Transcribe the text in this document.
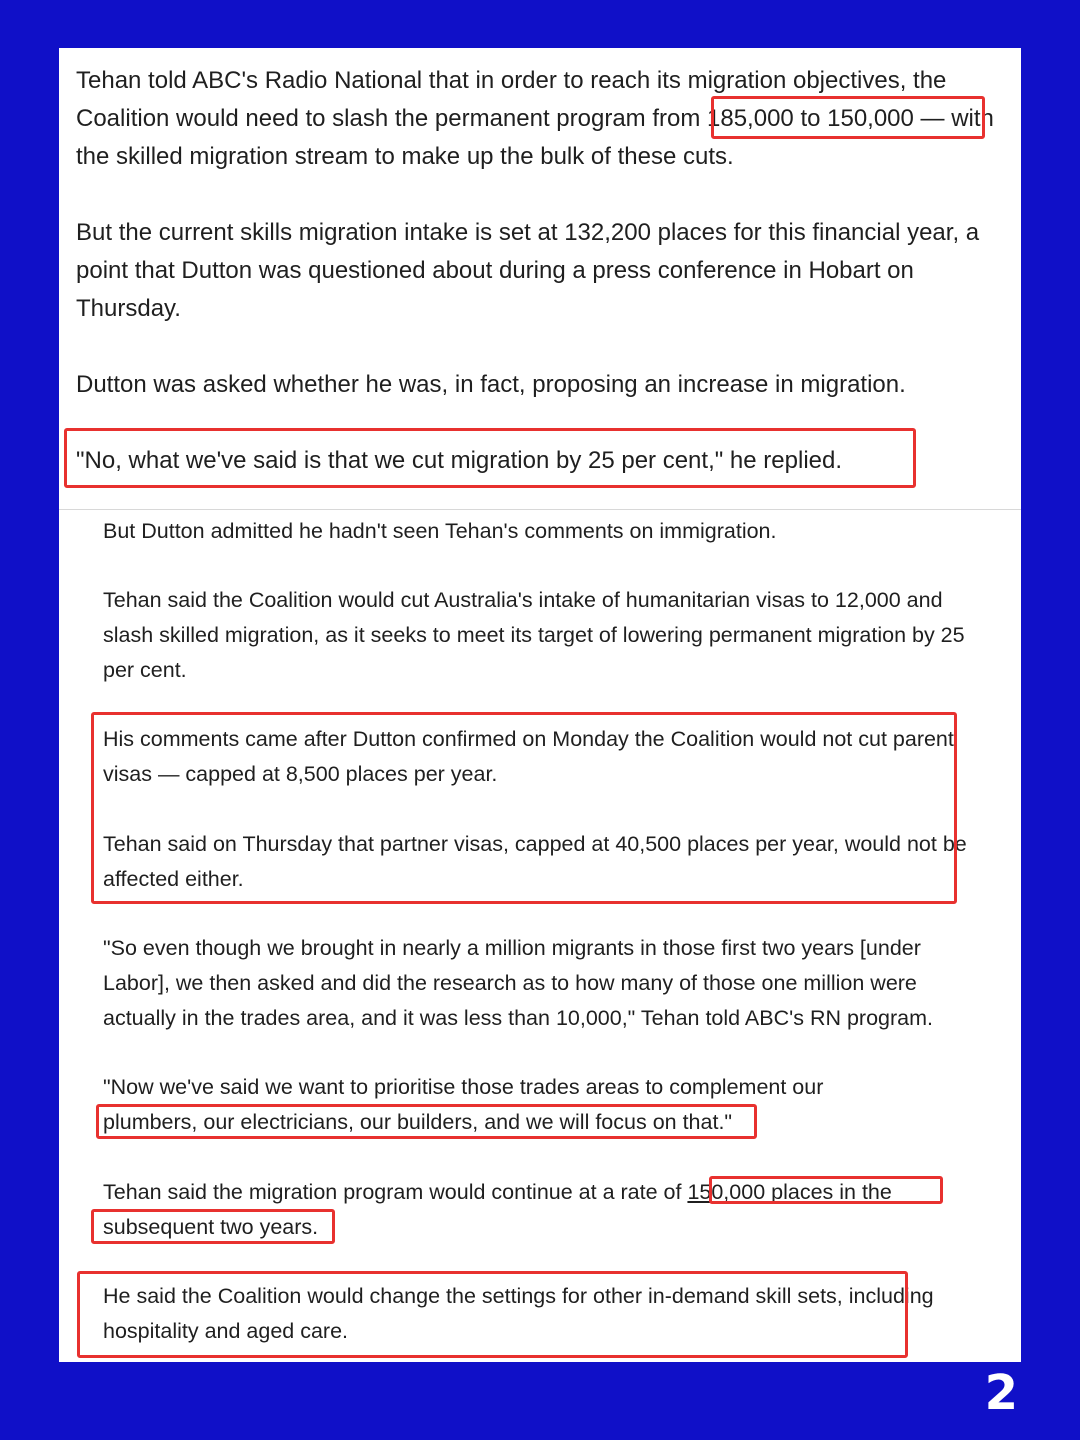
Tehan told ABC's Radio National that in order to reach its migration objectives, the Coalition would need to slash the permanent program from 185,000 to 150,000 — with the skilled migration stream to make up the bulk of these cuts.

But the current skills migration intake is set at 132,200 places for this financial year, a point that Dutton was questioned about during a press conference in Hobart on Thursday.

Dutton was asked whether he was, in fact, proposing an increase in migration.

"No, what we've said is that we cut migration by 25 per cent," he replied.

But Dutton admitted he hadn't seen Tehan's comments on immigration.

Tehan said the Coalition would cut Australia's intake of humanitarian visas to 12,000 and slash skilled migration, as it seeks to meet its target of lowering permanent migration by 25 per cent.

His comments came after Dutton confirmed on Monday the Coalition would not cut parent visas — capped at 8,500 places per year.

Tehan said on Thursday that partner visas, capped at 40,500 places per year, would not be affected either.

"So even though we brought in nearly a million migrants in those first two years [under Labor], we then asked and did the research as to how many of those one million were actually in the trades area, and it was less than 10,000," Tehan told ABC's RN program.

"Now we've said we want to prioritise those trades areas to complement our
plumbers, our electricians, our builders, and we will focus on that."

Tehan said the migration program would continue at a rate of 150,000 places in the
subsequent two years.

He said the Coalition would change the settings for other in-demand skill sets, including hospitality and aged care.

2
